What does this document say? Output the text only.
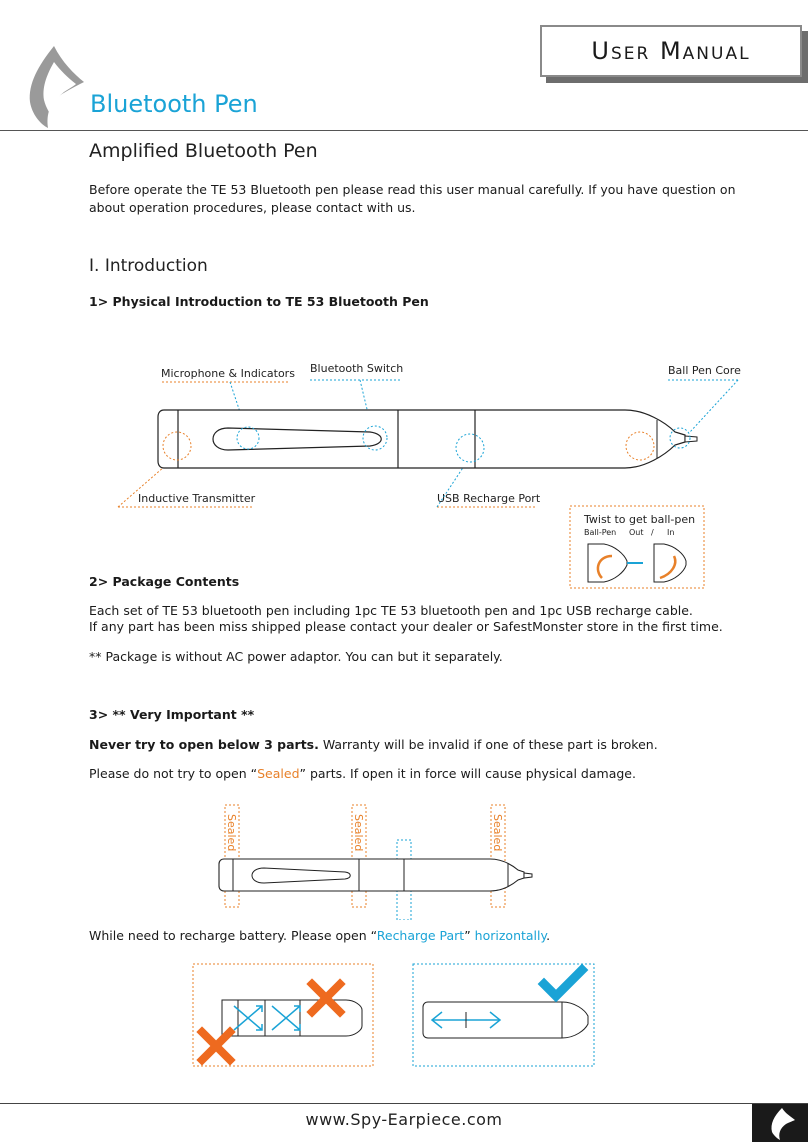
User Manual
Bluetooth Pen
Amplified Bluetooth Pen
Before operate the TE 53 Bluetooth pen please read this user manual carefully. If you have question on about operation procedures, please contact with us.
I. Introduction
1> Physical Introduction to TE 53 Bluetooth Pen
Microphone & Indicators Bluetooth Switch	Ball Pen Core
Inductive Transmitter	USB Recharge Port
Twist to get ball-pen
Ball-Pen Out / In
2> Package Contents
Each set of TE 53 bluetooth pen including 1pc TE 53 bluetooth pen and 1pc USB recharge cable.
If any part has been miss shipped please contact your dealer or SafestMonster store in the first time.
** Package is without AC power adaptor. You can but it separately.
3> ** Very Important **
Never try to open below 3 parts. Warranty will be invalid if one of these part is broken.
Please do not try to open “Sealed” parts. If open it in force will cause physical damage.
Sealed	Sealed	Sealed
While need to recharge battery. Please open “Recharge Part” horizontally.
www.Spy-Earpiece.com
